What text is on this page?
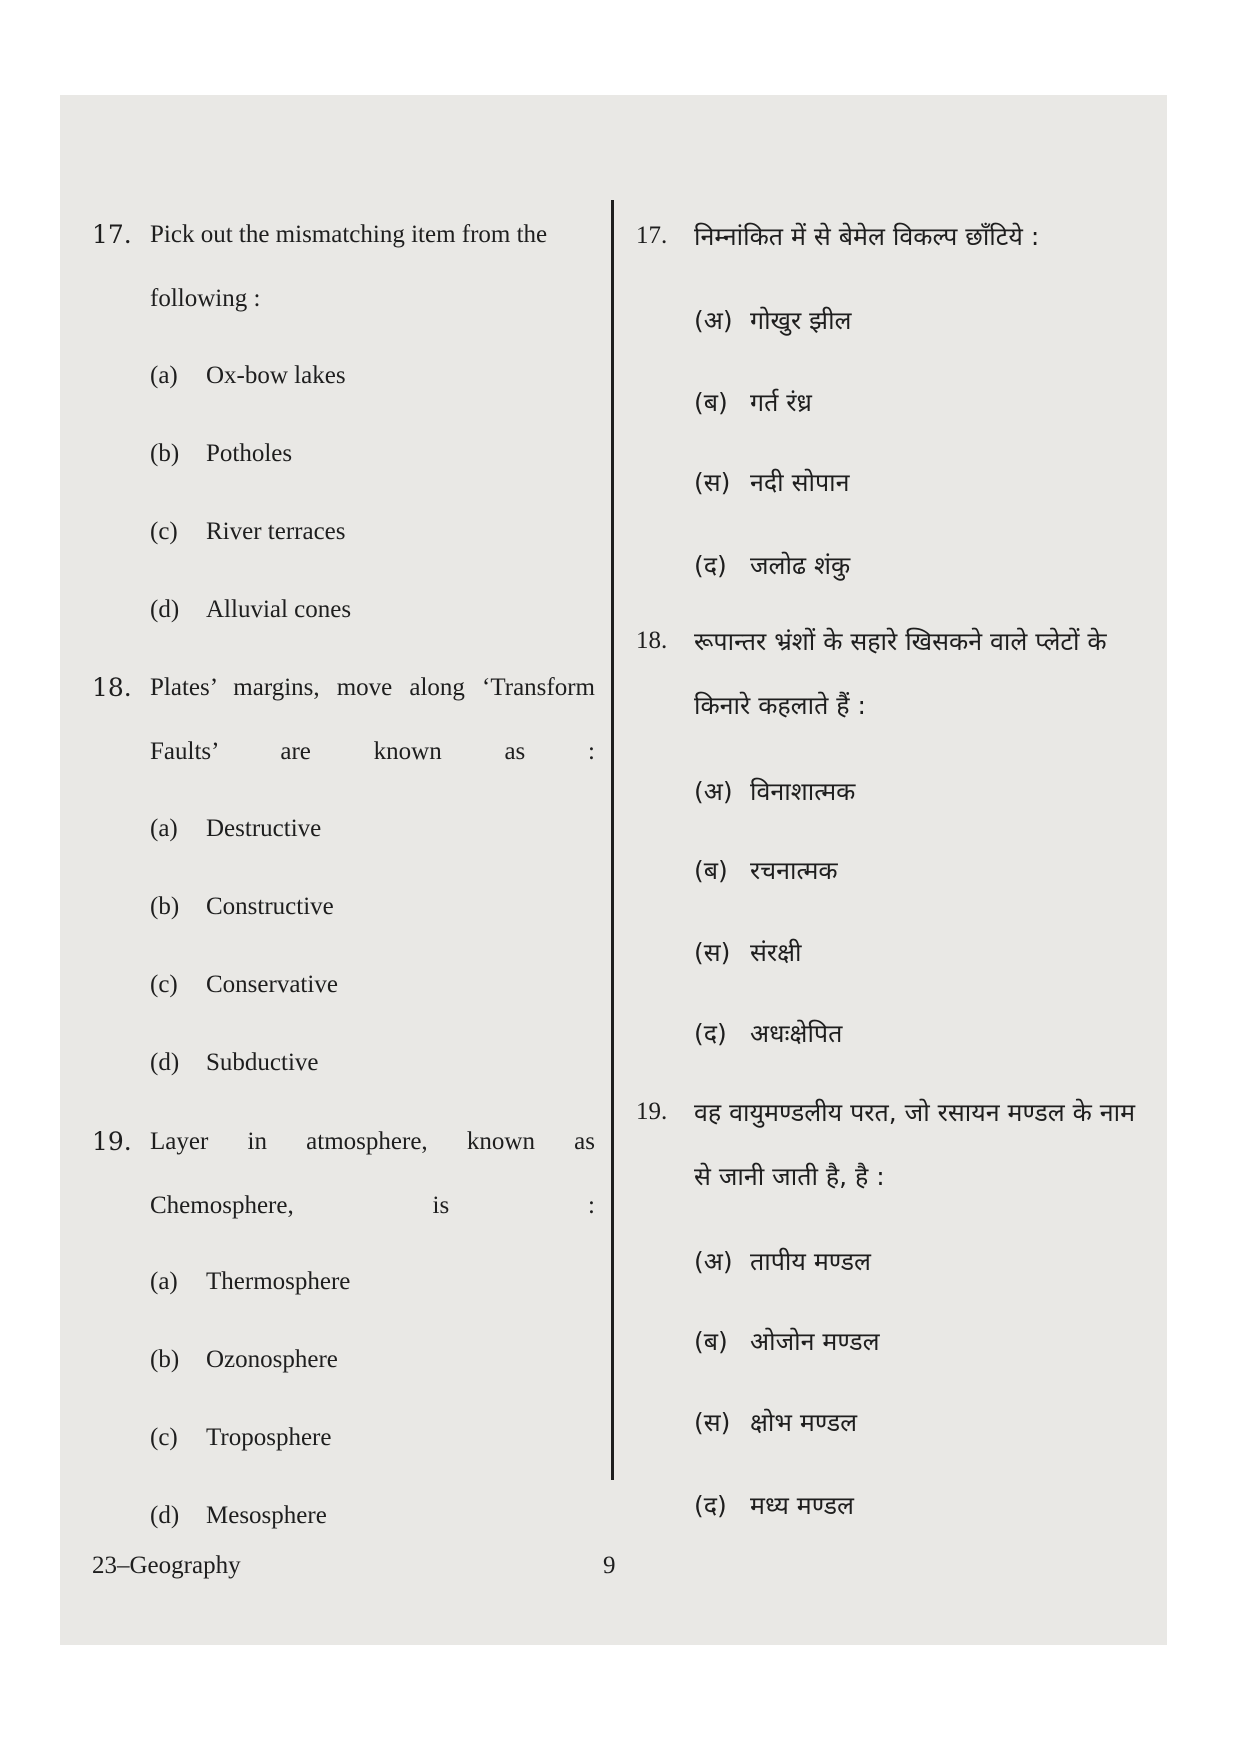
17. Pick out the mismatching item from the following :
(a) Ox-bow lakes
(b) Potholes
(c) River terraces
(d) Alluvial cones
18. Plates’ margins, move along ‘Transform Faults’ are known as :
(a) Destructive
(b) Constructive
(c) Conservative
(d) Subductive
19. Layer in atmosphere, known as Chemosphere, is :
(a) Thermosphere
(b) Ozonosphere
(c) Troposphere
(d) Mesosphere
17. निम्नांकित में से बेमेल विकल्प छाँटिये :
(अ) गोखुर झील
(ब) गर्त रंध्र
(स) नदी सोपान
(द) जलोढ शंकु
18. रूपान्तर भ्रंशों के सहारे खिसकने वाले प्लेटों के किनारे कहलाते हैं :
(अ) विनाशात्मक
(ब) रचनात्मक
(स) संरक्षी
(द) अधःक्षेपित
19. वह वायुमण्डलीय परत, जो रसायन मण्डल के नाम से जानी जाती है, है :
(अ) तापीय मण्डल
(ब) ओजोन मण्डल
(स) क्षोभ मण्डल
(द) मध्य मण्डल
23–Geography	9
